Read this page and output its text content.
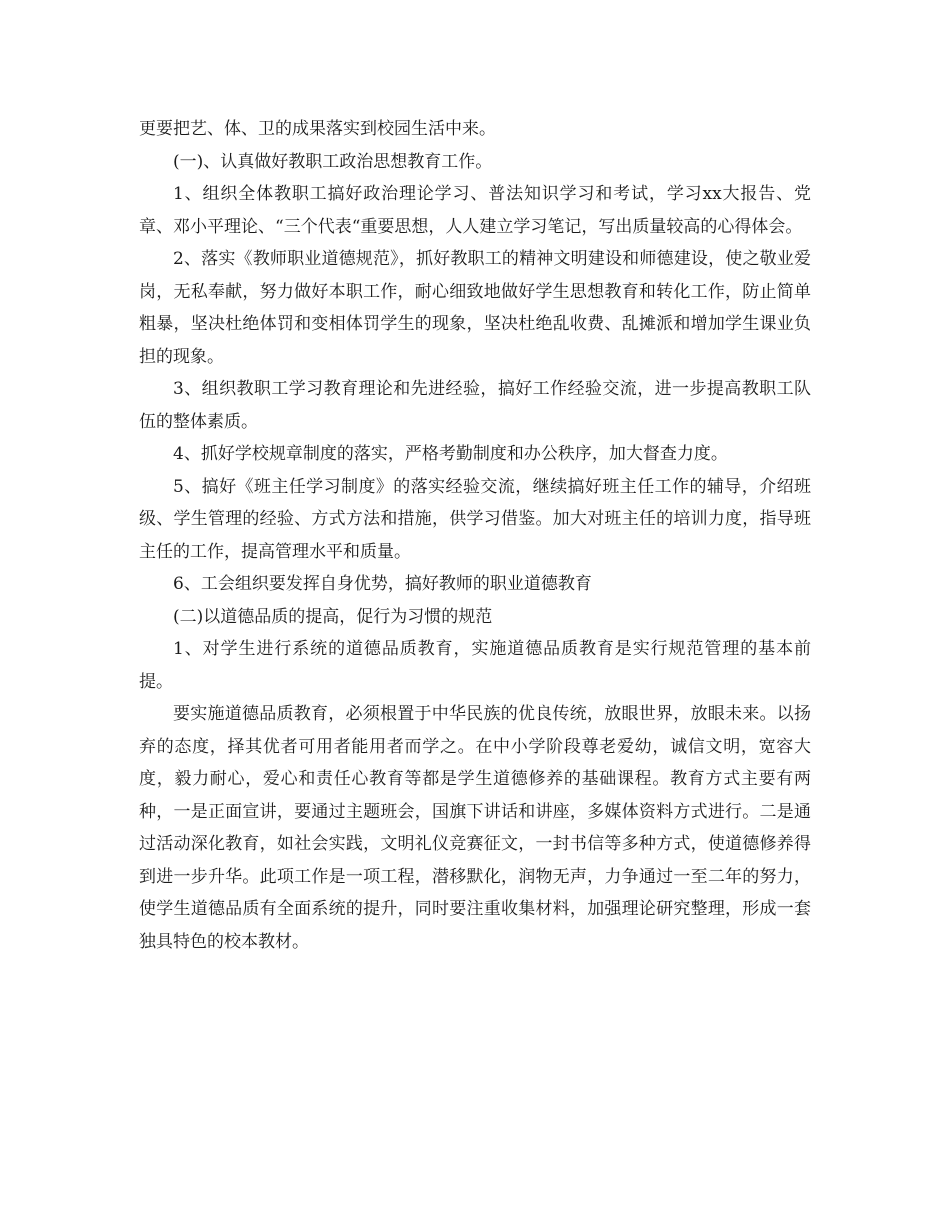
更要把艺、体、卫的成果落实到校园生活中来。

(一)、认真做好教职工政治思想教育工作。

1、组织全体教职工搞好政治理论学习、普法知识学习和考试，学习xx大报告、党章、邓小平理论、“三个代表“重要思想，人人建立学习笔记，写出质量较高的心得体会。

2、落实《教师职业道德规范》，抓好教职工的精神文明建设和师德建设，使之敬业爱岗，无私奉献，努力做好本职工作，耐心细致地做好学生思想教育和转化工作，防止简单粗暴，坚决杜绝体罚和变相体罚学生的现象，坚决杜绝乱收费、乱摊派和增加学生课业负担的现象。

3、组织教职工学习教育理论和先进经验，搞好工作经验交流，进一步提高教职工队伍的整体素质。

4、抓好学校规章制度的落实，严格考勤制度和办公秩序，加大督查力度。

5、搞好《班主任学习制度》的落实经验交流，继续搞好班主任工作的辅导，介绍班级、学生管理的经验、方式方法和措施，供学习借鉴。加大对班主任的培训力度，指导班主任的工作，提高管理水平和质量。

6、工会组织要发挥自身优势，搞好教师的职业道德教育

(二)以道德品质的提高，促行为习惯的规范

1、对学生进行系统的道德品质教育，实施道德品质教育是实行规范管理的基本前提。

要实施道德品质教育，必须根置于中华民族的优良传统，放眼世界，放眼未来。以扬弃的态度，择其优者可用者能用者而学之。在中小学阶段尊老爱幼，诚信文明，宽容大度，毅力耐心，爱心和责任心教育等都是学生道德修养的基础课程。教育方式主要有两种，一是正面宣讲，要通过主题班会，国旗下讲话和讲座，多媒体资料方式进行。二是通过活动深化教育，如社会实践，文明礼仪竞赛征文，一封书信等多种方式，使道德修养得到进一步升华。此项工作是一项工程，潜移默化，润物无声，力争通过一至二年的努力，使学生道德品质有全面系统的提升，同时要注重收集材料，加强理论研究整理，形成一套独具特色的校本教材。
